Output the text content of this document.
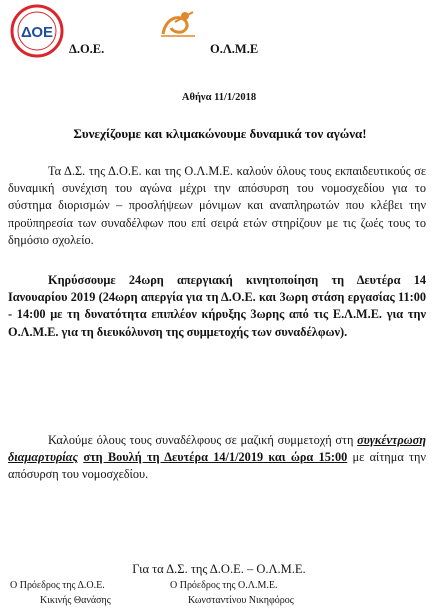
ΔΟΕ
Δ.Ο.Ε.	Ο.Λ.Μ.Ε
Αθήνα 11/1/2018
Συνεχίζουμε και κλιμακώνουμε δυναμικά τον αγώνα!
Τα Δ.Σ. της Δ.Ο.Ε. και της Ο.Λ.Μ.Ε. καλούν όλους τους εκπαιδευτικούς σε δυναμική συνέχιση του αγώνα μέχρι την απόσυρση του νομοσχεδίου για το σύστημα διορισμών – προσλήψεων μόνιμων και αναπληρωτών που κλέβει την προϋπηρεσία των συναδέλφων που επί σειρά ετών στηρίζουν με τις ζωές τους το δημόσιο σχολείο.
Κηρύσσουμε 24ωρη απεργιακή κινητοποίηση τη Δευτέρα 14 Ιανουαρίου 2019 (24ωρη απεργία για τη Δ.Ο.Ε. και 3ωρη στάση εργασίας 11:00 - 14:00 με τη δυνατότητα επιπλέον κήρυξης 3ωρης από τις Ε.Λ.Μ.Ε. για την Ο.Λ.Μ.Ε. για τη διευκόλυνση της συμμετοχής των συναδέλφων).
Καλούμε όλους τους συναδέλφους σε μαζική συμμετοχή στη συγκέντρωση διαμαρτυρίας στη Βουλή τη Δευτέρα 14/1/2019 και ώρα 15:00 με αίτημα την απόσυρση του νομοσχεδίου.
Για τα Δ.Σ. της Δ.Ο.Ε. – Ο.Λ.Μ.Ε.
Ο Πρόεδρος της Δ.Ο.Ε.	Ο Πρόεδρος της Ο.Λ.Μ.Ε.
Κικινής Θανάσης	Κωνσταντίνου Νικηφόρος
